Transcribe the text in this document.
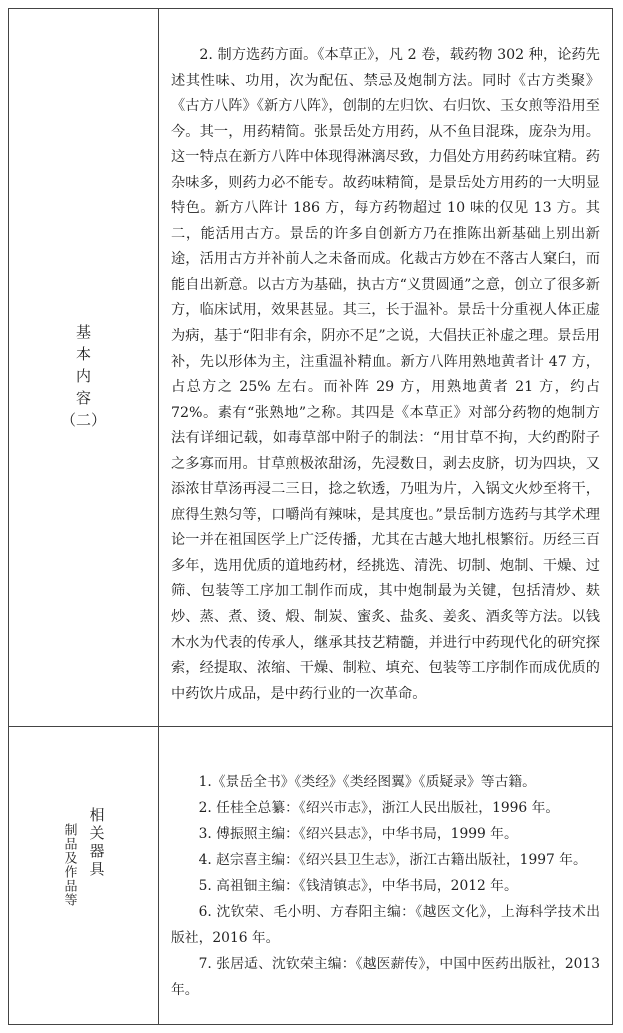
基
本
内
容
（二）

2. 制方选药方面。《本草正》，凡 2 卷，载药物 302 种，论药先述其性味、功用，次为配伍、禁忌及炮制方法。同时《古方类聚》《古方八阵》《新方八阵》，创制的左归饮、右归饮、玉女煎等沿用至今。其一，用药精简。张景岳处方用药，从不鱼目混珠，庞杂为用。这一特点在新方八阵中体现得淋漓尽致，力倡处方用药药味宜精。药杂味多，则药力必不能专。故药味精简，是景岳处方用药的一大明显特色。新方八阵计 186 方，每方药物超过 10 味的仅见 13 方。其二，能活用古方。景岳的许多自创新方乃在推陈出新基础上别出新途，活用古方并补前人之未备而成。化裁古方妙在不落古人窠臼，而能自出新意。以古方为基础，执古方“义贯圆通”之意，创立了很多新方，临床试用，效果甚显。其三，长于温补。景岳十分重视人体正虚为病，基于“阳非有余，阴亦不足”之说，大倡扶正补虚之理。景岳用补，先以形体为主，注重温补精血。新方八阵用熟地黄者计 47 方，占总方之 25% 左右。而补阵 29 方，用熟地黄者 21 方，约占 72%。素有“张熟地”之称。其四是《本草正》对部分药物的炮制方法有详细记载，如毒草部中附子的制法：“用甘草不拘，大约酌附子之多寡而用。甘草煎极浓甜汤，先浸数日，剥去皮脐，切为四块，又添浓甘草汤再浸二三日，捻之软透，乃咀为片，入锅文火炒至将干，庶得生熟匀等，口嚼尚有辣味，是其度也。”景岳制方选药与其学术理论一并在祖国医学上广泛传播，尤其在古越大地扎根繁衍。历经三百多年，选用优质的道地药材，经挑选、清洗、切制、炮制、干燥、过筛、包装等工序加工制作而成，其中炮制最为关键，包括清炒、麸炒、蒸、煮、烫、煅、制炭、蜜炙、盐炙、姜炙、酒炙等方法。以钱木水为代表的传承人，继承其技艺精髓，并进行中药现代化的研究探索，经提取、浓缩、干燥、制粒、填充、包装等工序制作而成优质的中药饮片成品，是中药行业的一次革命。

制品及作品等 相关器具
1.《景岳全书》《类经》《类经图翼》《质疑录》等古籍。
2. 任桂全总纂：《绍兴市志》，浙江人民出版社，1996 年。
3. 傅振照主编：《绍兴县志》，中华书局，1999 年。
4. 赵宗喜主编：《绍兴县卫生志》，浙江古籍出版社，1997 年。
5. 高祖钿主编：《钱清镇志》，中华书局，2012 年。
6. 沈钦荣、毛小明、方春阳主编：《越医文化》，上海科学技术出版社，2016 年。
7. 张居适、沈钦荣主编：《越医薪传》，中国中医药出版社，2013 年。
